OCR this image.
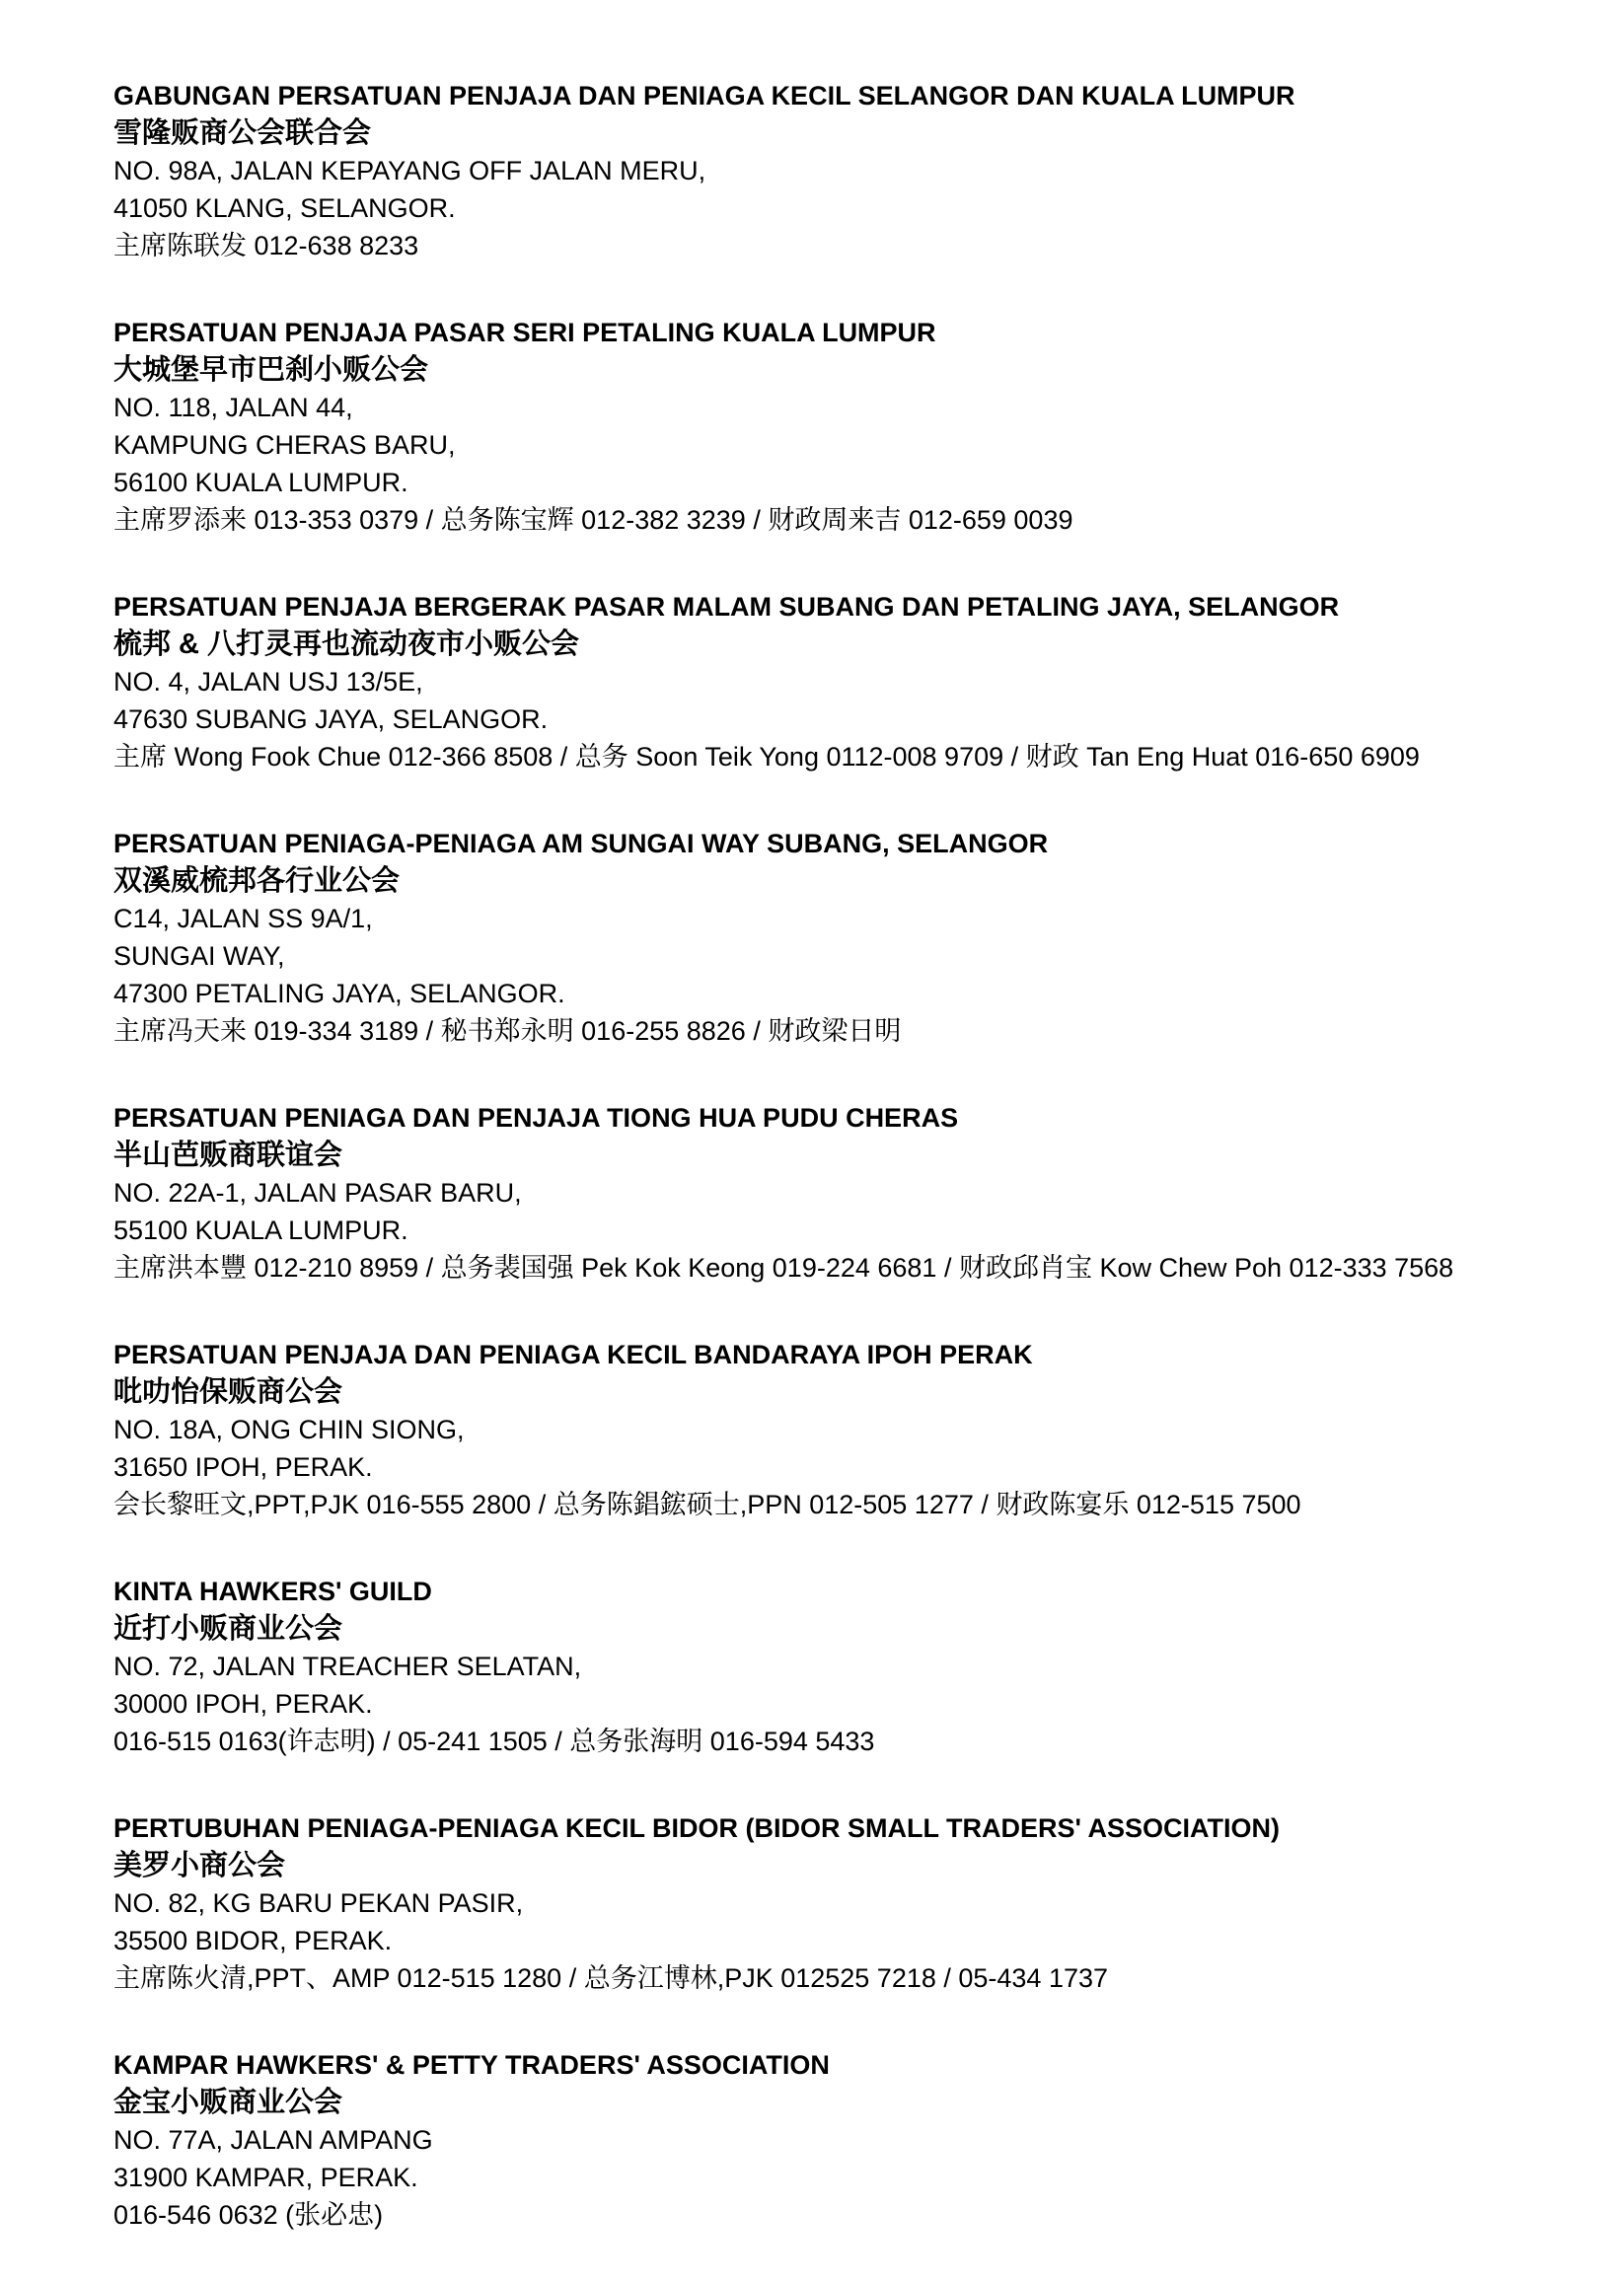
GABUNGAN PERSATUAN PENJAJA DAN PENIAGA KECIL SELANGOR DAN KUALA LUMPUR
雪隆贩商公会联合会
NO. 98A, JALAN KEPAYANG OFF JALAN MERU,
41050 KLANG, SELANGOR.
主席陈联发 012-638 8233
PERSATUAN PENJAJA PASAR SERI PETALING KUALA LUMPUR
大城堡早市巴刹小贩公会
NO. 118, JALAN 44,
KAMPUNG CHERAS BARU,
56100 KUALA LUMPUR.
主席罗添来 013-353 0379 / 总务陈宝辉 012-382 3239 / 财政周来吉 012-659 0039
PERSATUAN PENJAJA BERGERAK PASAR MALAM SUBANG DAN PETALING JAYA, SELANGOR
梳邦 & 八打灵再也流动夜市小贩公会
NO. 4, JALAN USJ 13/5E,
47630 SUBANG JAYA, SELANGOR.
主席 Wong Fook Chue 012-366 8508 / 总务 Soon Teik Yong 0112-008 9709 / 财政 Tan Eng Huat 016-650 6909
PERSATUAN PENIAGA-PENIAGA AM SUNGAI WAY SUBANG, SELANGOR
双溪威梳邦各行业公会
C14, JALAN SS 9A/1,
SUNGAI WAY,
47300 PETALING JAYA, SELANGOR.
主席冯天来 019-334 3189 / 秘书郑永明 016-255 8826 / 财政梁日明
PERSATUAN PENIAGA DAN PENJAJA TIONG HUA PUDU CHERAS
半山芭贩商联谊会
NO. 22A-1, JALAN PASAR BARU,
55100 KUALA LUMPUR.
主席洪本豐 012-210 8959 / 总务裴国强 Pek Kok Keong 019-224 6681 / 财政邱肖宝 Kow Chew Poh 012-333 7568
PERSATUAN PENJAJA DAN PENIAGA KECIL BANDARAYA IPOH PERAK
吡叻怡保贩商公会
NO. 18A, ONG CHIN SIONG,
31650 IPOH, PERAK.
会长黎旺文,PPT,PJK 016-555 2800 / 总务陈錩鋐硕士,PPN 012-505 1277 / 财政陈宴乐 012-515 7500
KINTA HAWKERS' GUILD
近打小贩商业公会
NO. 72, JALAN TREACHER SELATAN,
30000 IPOH, PERAK.
016-515 0163(许志明) / 05-241 1505 / 总务张海明 016-594 5433
PERTUBUHAN PENIAGA-PENIAGA KECIL BIDOR (BIDOR SMALL TRADERS' ASSOCIATION)
美罗小商公会
NO. 82, KG BARU PEKAN PASIR,
35500 BIDOR, PERAK.
主席陈火清,PPT、AMP 012-515 1280 / 总务江博林,PJK 012525 7218 / 05-434 1737
KAMPAR HAWKERS' & PETTY TRADERS' ASSOCIATION
金宝小贩商业公会
NO. 77A, JALAN AMPANG
31900 KAMPAR, PERAK.
016-546 0632 (张必忠)
